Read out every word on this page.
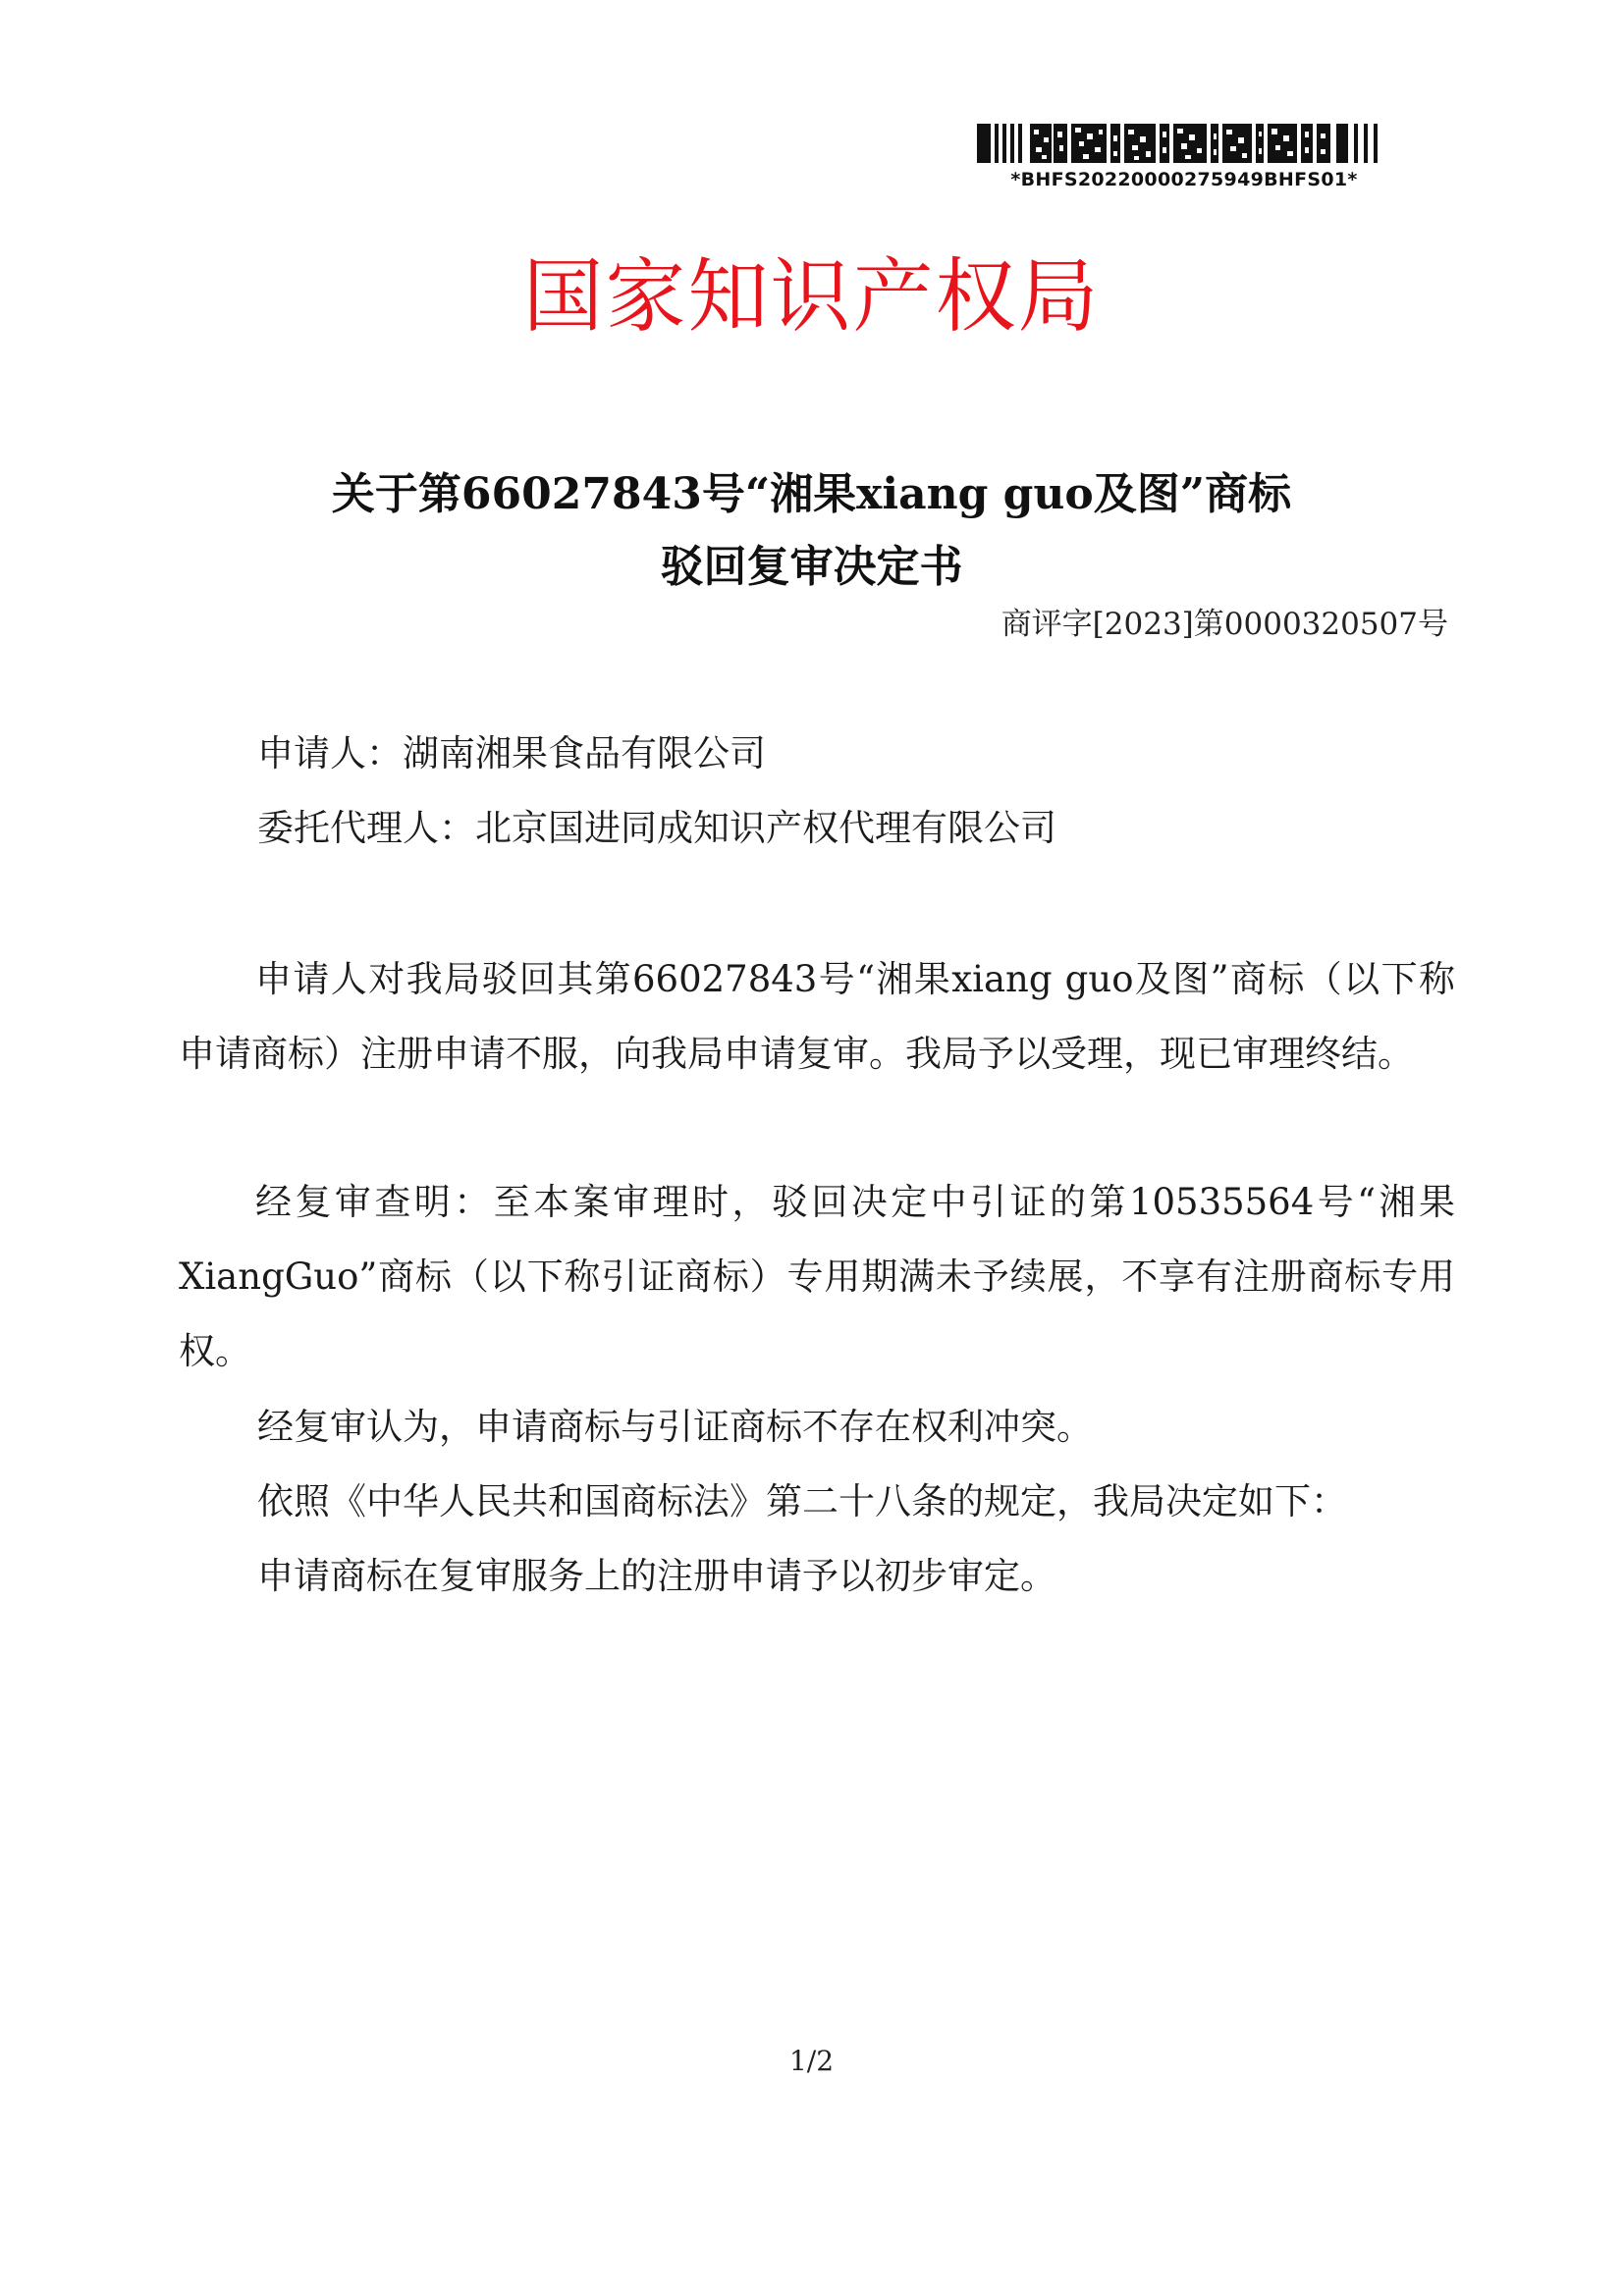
*BHFS20220000275949BHFS01*
国家知识产权局
关于第66027843号“湘果xiang guo及图”商标
驳回复审决定书
商评字[2023]第0000320507号
申请人：湖南湘果食品有限公司
委托代理人：北京国进同成知识产权代理有限公司
申请人对我局驳回其第66027843号“湘果xiang guo及图”商标（以下称申请商标）注册申请不服，向我局申请复审。我局予以受理，现已审理终结。
经复审查明：至本案审理时，驳回决定中引证的第10535564号“湘果XiangGuo”商标（以下称引证商标）专用期满未予续展，不享有注册商标专用权。
经复审认为，申请商标与引证商标不存在权利冲突。
依照《中华人民共和国商标法》第二十八条的规定，我局决定如下：
申请商标在复审服务上的注册申请予以初步审定。
1/2
